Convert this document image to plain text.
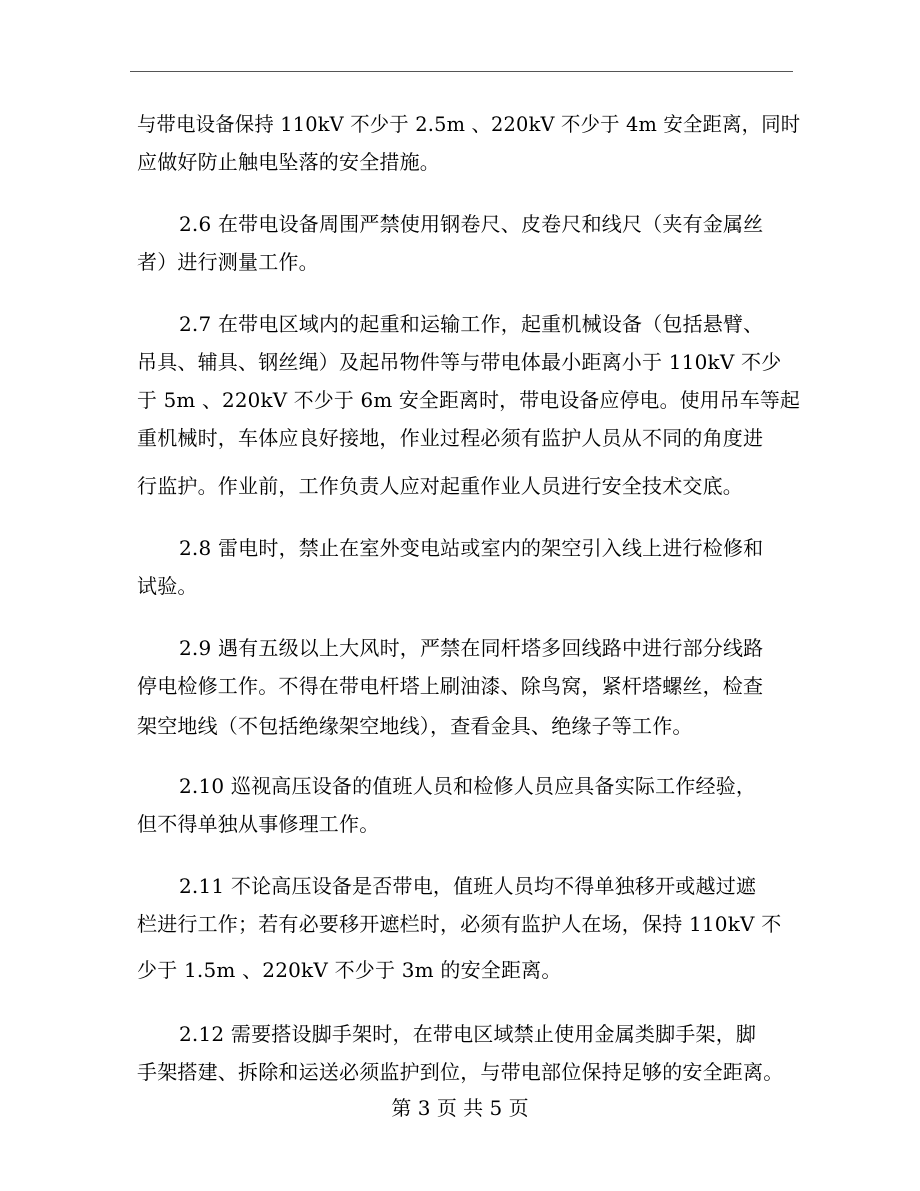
与带电设备保持 110kV 不少于 2.5m 、220kV 不少于 4m 安全距离，同时
应做好防止触电坠落的安全措施。
2.6 在带电设备周围严禁使用钢卷尺、皮卷尺和线尺（夹有金属丝
者）进行测量工作。
2.7 在带电区域内的起重和运输工作，起重机械设备（包括悬臂、
吊具、辅具、钢丝绳）及起吊物件等与带电体最小距离小于 110kV 不少
于 5m 、220kV 不少于 6m 安全距离时，带电设备应停电。使用吊车等起
重机械时，车体应良好接地，作业过程必须有监护人员从不同的角度进
行监护。作业前，工作负责人应对起重作业人员进行安全技术交底。
2.8 雷电时，禁止在室外变电站或室内的架空引入线上进行检修和
试验。
2.9 遇有五级以上大风时，严禁在同杆塔多回线路中进行部分线路
停电检修工作。不得在带电杆塔上刷油漆、除鸟窝，紧杆塔螺丝，检查
架空地线（不包括绝缘架空地线），查看金具、绝缘子等工作。
2.10 巡视高压设备的值班人员和检修人员应具备实际工作经验，
但不得单独从事修理工作。
2.11 不论高压设备是否带电，值班人员均不得单独移开或越过遮
栏进行工作；若有必要移开遮栏时，必须有监护人在场，保持 110kV 不
少于 1.5m 、220kV 不少于 3m 的安全距离。
2.12 需要搭设脚手架时，在带电区域禁止使用金属类脚手架，脚
手架搭建、拆除和运送必须监护到位，与带电部位保持足够的安全距离。
第 3 页 共 5 页
